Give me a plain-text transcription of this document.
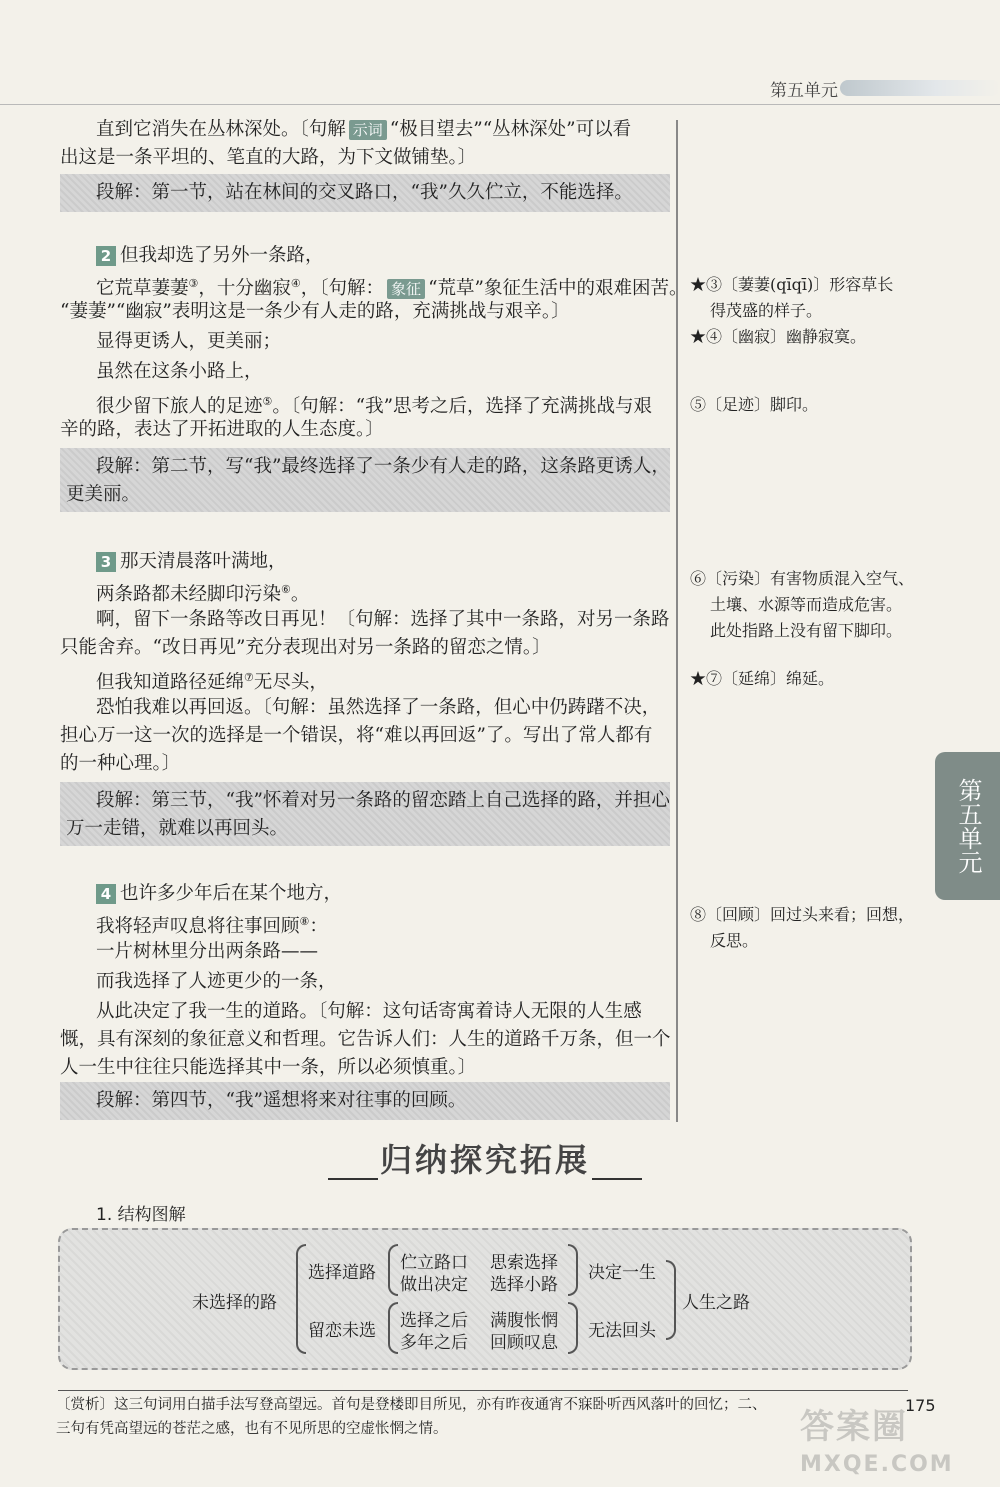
第五单元
直到它消失在丛林深处。〔句解 示词 “极目望去”“丛林深处”可以看
出这是一条平坦的、笔直的大路，为下文做铺垫。〕
段解：第一节，站在林间的交叉路口，“我”久久伫立，不能选择。
2 但我却选了另外一条路，
它荒草萋萋③，十分幽寂④，〔句解： 象征 “荒草”象征生活中的艰难困苦。
“萋萋”“幽寂”表明这是一条少有人走的路，充满挑战与艰辛。〕
显得更诱人，更美丽；
虽然在这条小路上，
很少留下旅人的足迹⑤。〔句解：“我”思考之后，选择了充满挑战与艰
辛的路，表达了开拓进取的人生态度。〕
段解：第二节，写“我”最终选择了一条少有人走的路，这条路更诱人，
更美丽。
3 那天清晨落叶满地，
两条路都未经脚印污染⑥。
啊，留下一条路等改日再见！〔句解：选择了其中一条路，对另一条路
只能舍弃。“改日再见”充分表现出对另一条路的留恋之情。〕
但我知道路径延绵⑦无尽头，
恐怕我难以再回返。〔句解：虽然选择了一条路，但心中仍踌躇不决，
担心万一这一次的选择是一个错误，将“难以再回返”了。写出了常人都有
的一种心理。〕
段解：第三节，“我”怀着对另一条路的留恋踏上自己选择的路，并担心
万一走错，就难以再回头。
4 也许多少年后在某个地方，
我将轻声叹息将往事回顾⑧：
一片树林里分出两条路——
而我选择了人迹更少的一条，
从此决定了我一生的道路。〔句解：这句话寄寓着诗人无限的人生感
慨，具有深刻的象征意义和哲理。它告诉人们：人生的道路千万条，但一个
人一生中往往只能选择其中一条，所以必须慎重。〕
段解：第四节，“我”遥想将来对往事的回顾。
★③〔萋萋(qīqī)〕形容草长
得茂盛的样子。
★④〔幽寂〕幽静寂寞。
⑤〔足迹〕脚印。
⑥〔污染〕有害物质混入空气、
土壤、水源等而造成危害。
此处指路上没有留下脚印。
★⑦〔延绵〕绵延。
⑧〔回顾〕回过头来看；回想，
反思。
第五单元
归纳探究拓展
1. 结构图解
未选择的路
选择道路 伫立路口 思索选择
做出决定 选择小路
决定一生
留恋未选 选择之后 满腹怅惘
多年之后 回顾叹息
无法回头
人生之路
〔赏析〕这三句词用白描手法写登高望远。首句是登楼即目所见，亦有昨夜通宵不寐卧听西风落叶的回忆；二、
三句有凭高望远的苍茫之感，也有不见所思的空虚怅惘之情。
175
答案圈
MXQE.COM
